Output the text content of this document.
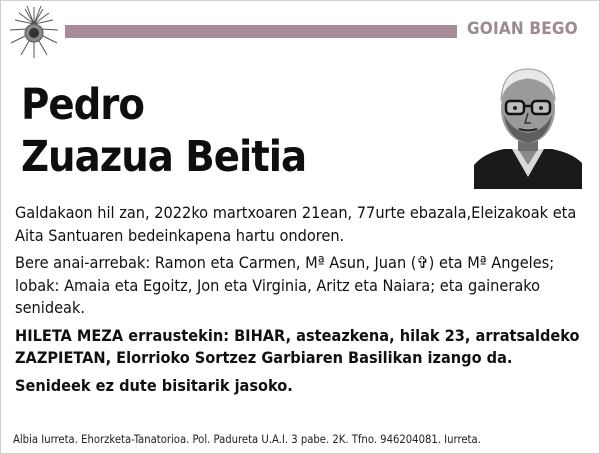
GOIAN BEGO
Pedro
Zuazua Beitia

Galdakaon hil zan, 2022ko martxoaren 21ean, 77urte ebazala,Eleizakoak eta Aita Santuaren bedeinkapena hartu ondoren.

Bere anai-arrebak: Ramon eta Carmen, Mª Asun, Juan (✞) eta Mª Angeles; lobak: Amaia eta Egoitz, Jon eta Virginia, Aritz eta Naiara; eta gainerako senideak.

HILETA MEZA erraustekin: BIHAR, asteazkena, hilak 23, arratsaldeko ZAZPIETAN, Elorrioko Sortzez Garbiaren Basilikan izango da.

Senideek ez dute bisitarik jasoko.

Albia Iurreta. Ehorzketa-Tanatorioa. Pol. Padureta U.A.I. 3 pabe. 2K. Tfno. 946204081. Iurreta.
